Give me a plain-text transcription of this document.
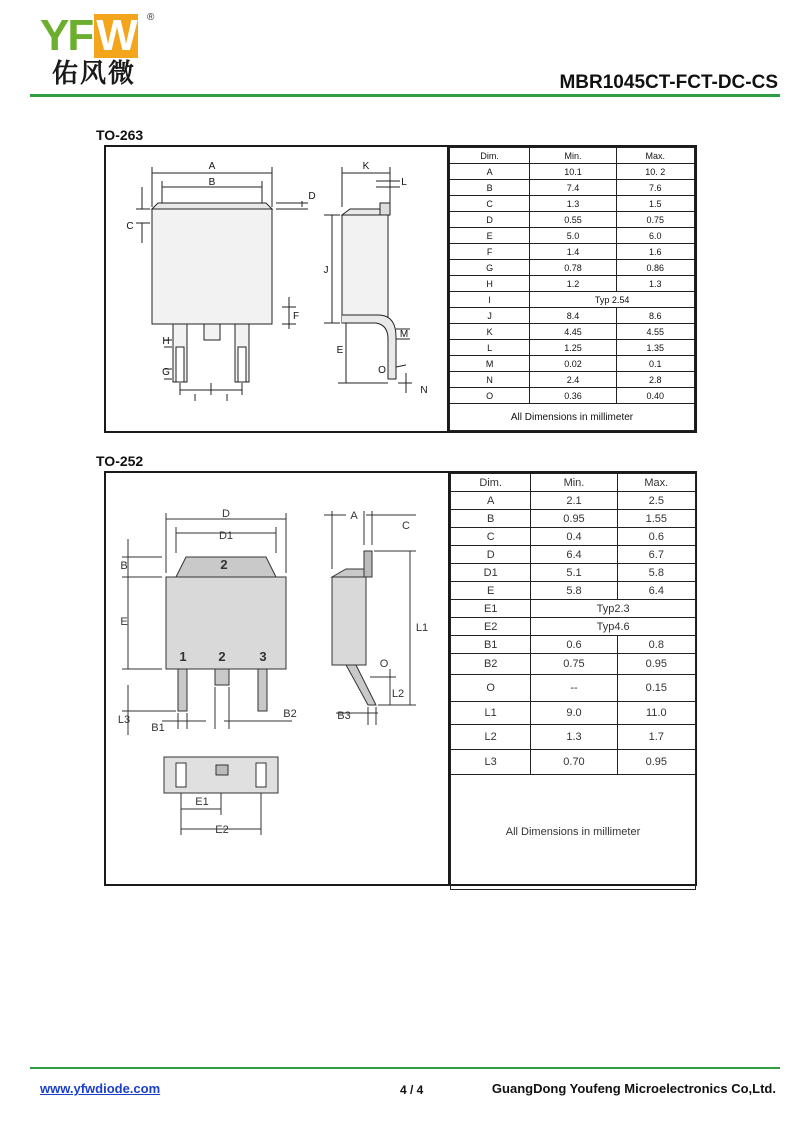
YFW ®
佑风微	MBR1045CT-FCT-DC-CS
TO-263
A
B
C
D
F
H
G
I	I
K
L
J
M
E
O
N
Dim.	Min.	Max.
A	10.1	10. 2
B	7.4	7.6
C	1.3	1.5
D	0.55	0.75
E	5.0	6.0
F	1.4	1.6
G	0.78	0.86
H	1.2	1.3
I	Typ 2.54	
J	8.4	8.6
K	4.45	4.55
L	1.25	1.35
M	0.02	0.1
N	2.4	2.8
O	0.36	0.40
All Dimensions in millimeter		
TO-252
D
D1
2
B
E
1 2	3
L3
B1
B2
A
C
L1
O
L2
B3
E1
E2
Dim.	Min.	Max.
A	2.1	2.5
B	0.95	1.55
C	0.4	0.6
D	6.4	6.7
D1	5.1	5.8
E	5.8	6.4
E1	Typ2.3	
E2	Typ4.6	
B1	0.6	0.8
B2	0.75	0.95
O	--	0.15
L1	9.0	11.0
L2	1.3	1.7
L3	0.70	0.95
All Dimensions in millimeter		
www.yfwdiode.com	4 / 4	GuangDong Youfeng Microelectronics Co,Ltd.
